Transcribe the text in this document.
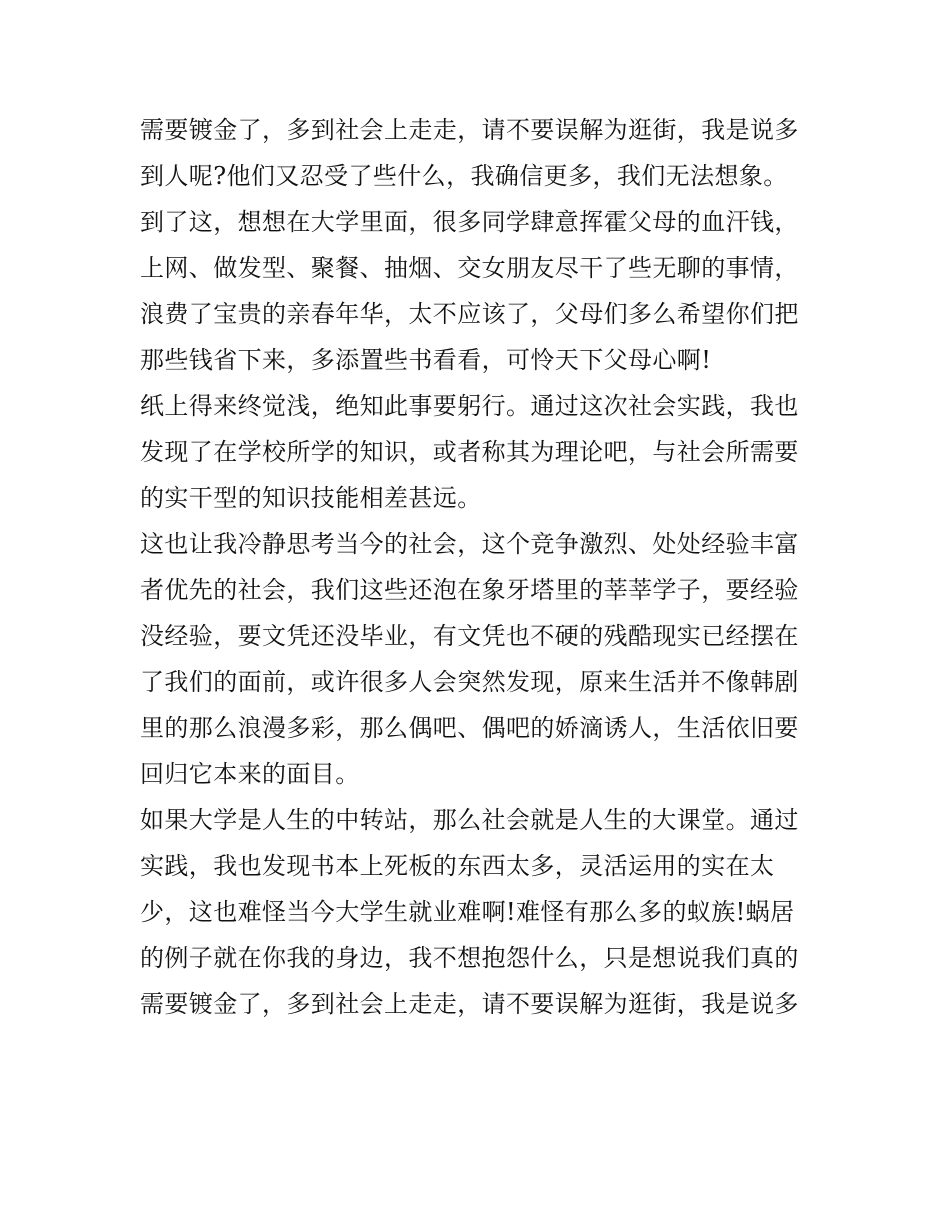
需要镀金了，多到社会上走走，请不要误解为逛街，我是说多
到人呢?他们又忍受了些什么，我确信更多，我们无法想象。
到了这，想想在大学里面，很多同学肆意挥霍父母的血汗钱，
上网、做发型、聚餐、抽烟、交女朋友尽干了些无聊的事情，
浪费了宝贵的亲春年华，太不应该了，父母们多么希望你们把
那些钱省下来，多添置些书看看，可怜天下父母心啊!
纸上得来终觉浅，绝知此事要躬行。通过这次社会实践，我也
发现了在学校所学的知识，或者称其为理论吧，与社会所需要
的实干型的知识技能相差甚远。
这也让我冷静思考当今的社会，这个竞争激烈、处处经验丰富
者优先的社会，我们这些还泡在象牙塔里的莘莘学子，要经验
没经验，要文凭还没毕业，有文凭也不硬的残酷现实已经摆在
了我们的面前，或许很多人会突然发现，原来生活并不像韩剧
里的那么浪漫多彩，那么偶吧、偶吧的娇滴诱人，生活依旧要
回归它本来的面目。
如果大学是人生的中转站，那么社会就是人生的大课堂。通过
实践，我也发现书本上死板的东西太多，灵活运用的实在太
少，这也难怪当今大学生就业难啊!难怪有那么多的蚁族!蜗居
的例子就在你我的身边，我不想抱怨什么，只是想说我们真的
需要镀金了，多到社会上走走，请不要误解为逛街，我是说多
